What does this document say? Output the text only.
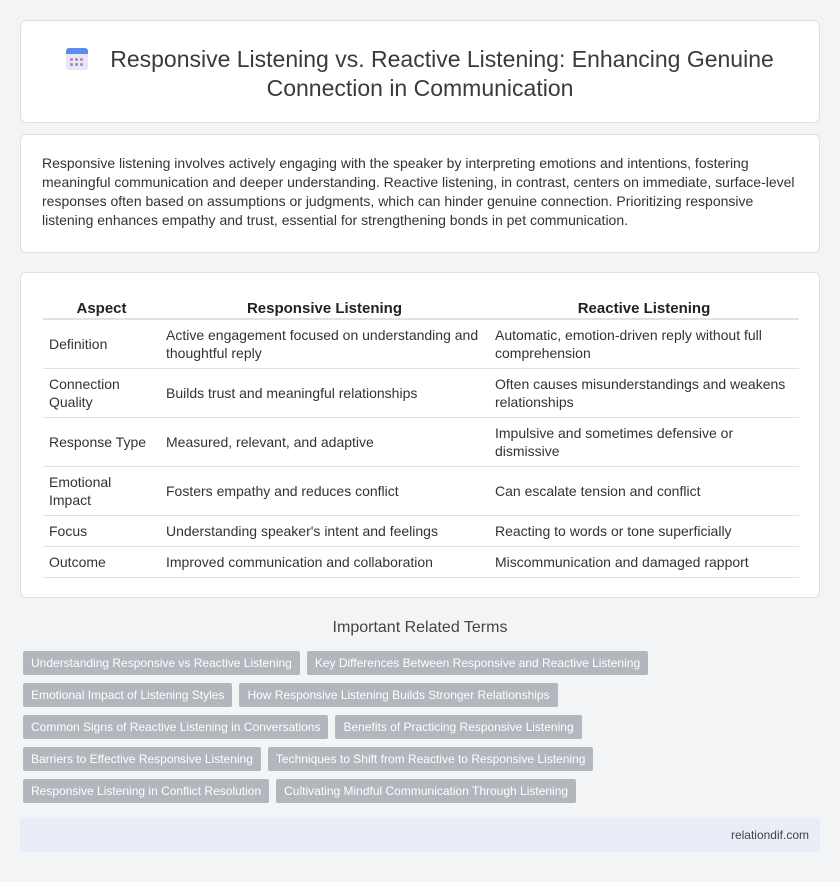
Responsive Listening vs. Reactive Listening: Enhancing Genuine Connection in Communication

Responsive listening involves actively engaging with the speaker by interpreting emotions and intentions, fostering meaningful communication and deeper understanding. Reactive listening, in contrast, centers on immediate, surface-level responses often based on assumptions or judgments, which can hinder genuine connection. Prioritizing responsive listening enhances empathy and trust, essential for strengthening bonds in pet communication.

Aspect	Responsive Listening	Reactive Listening
Definition	Active engagement focused on understanding and thoughtful reply	Automatic, emotion-driven reply without full comprehension
Connection Quality	Builds trust and meaningful relationships	Often causes misunderstandings and weakens relationships
Response Type	Measured, relevant, and adaptive	Impulsive and sometimes defensive or dismissive
Emotional Impact	Fosters empathy and reduces conflict	Can escalate tension and conflict
Focus	Understanding speaker's intent and feelings	Reacting to words or tone superficially
Outcome	Improved communication and collaboration	Miscommunication and damaged rapport
Important Related Terms
Understanding Responsive vs Reactive Listening Key Differences Between Responsive and Reactive Listening
Emotional Impact of Listening Styles How Responsive Listening Builds Stronger Relationships
Common Signs of Reactive Listening in Conversations Benefits of Practicing Responsive Listening
Barriers to Effective Responsive Listening Techniques to Shift from Reactive to Responsive Listening
Responsive Listening in Conflict Resolution Cultivating Mindful Communication Through Listening
relationdif.com
